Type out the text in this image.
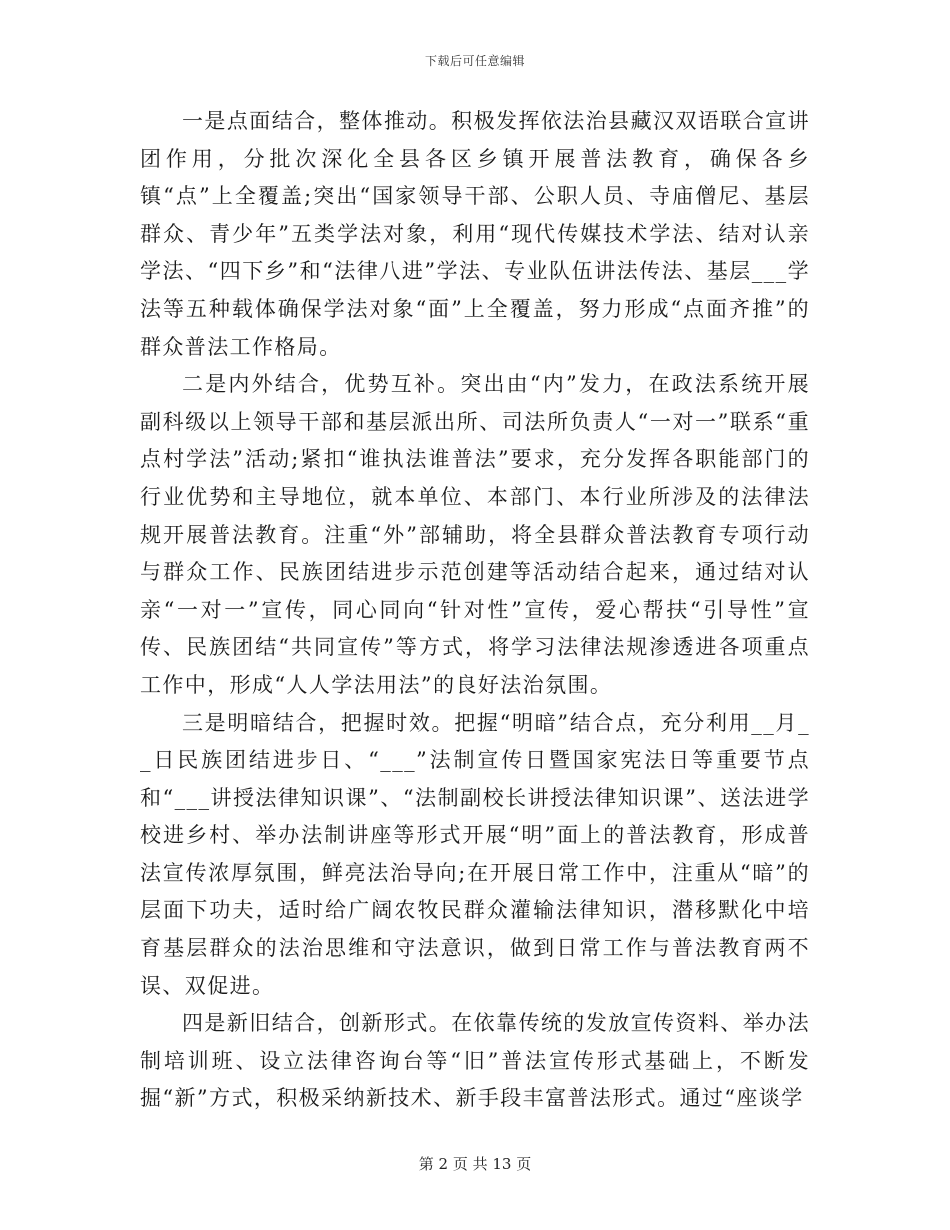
下载后可任意编辑

一是点面结合，整体推动。积极发挥依法治县藏汉双语联合宣讲团作用，分批次深化全县各区乡镇开展普法教育，确保各乡镇“点”上全覆盖;突出“国家领导干部、公职人员、寺庙僧尼、基层群众、青少年”五类学法对象，利用“现代传媒技术学法、结对认亲学法、“四下乡”和“法律八进”学法、专业队伍讲法传法、基层___学法等五种载体确保学法对象“面”上全覆盖，努力形成“点面齐推”的群众普法工作格局。

二是内外结合，优势互补。突出由“内”发力，在政法系统开展副科级以上领导干部和基层派出所、司法所负责人“一对一”联系“重点村学法”活动;紧扣“谁执法谁普法”要求，充分发挥各职能部门的行业优势和主导地位，就本单位、本部门、本行业所涉及的法律法规开展普法教育。注重“外”部辅助，将全县群众普法教育专项行动与群众工作、民族团结进步示范创建等活动结合起来，通过结对认亲“一对一”宣传，同心同向“针对性”宣传，爱心帮扶“引导性”宣传、民族团结“共同宣传”等方式，将学习法律法规渗透进各项重点工作中，形成“人人学法用法”的良好法治氛围。

三是明暗结合，把握时效。把握“明暗”结合点，充分利用__月__日民族团结进步日、“___”法制宣传日暨国家宪法日等重要节点和“___讲授法律知识课”、“法制副校长讲授法律知识课”、送法进学校进乡村、举办法制讲座等形式开展“明”面上的普法教育，形成普法宣传浓厚氛围，鲜亮法治导向;在开展日常工作中，注重从“暗”的层面下功夫，适时给广阔农牧民群众灌输法律知识，潜移默化中培育基层群众的法治思维和守法意识，做到日常工作与普法教育两不误、双促进。

四是新旧结合，创新形式。在依靠传统的发放宣传资料、举办法制培训班、设立法律咨询台等“旧”普法宣传形式基础上，不断发掘“新”方式，积极采纳新技术、新手段丰富普法形式。通过“座谈学

第 2 页 共 13 页
